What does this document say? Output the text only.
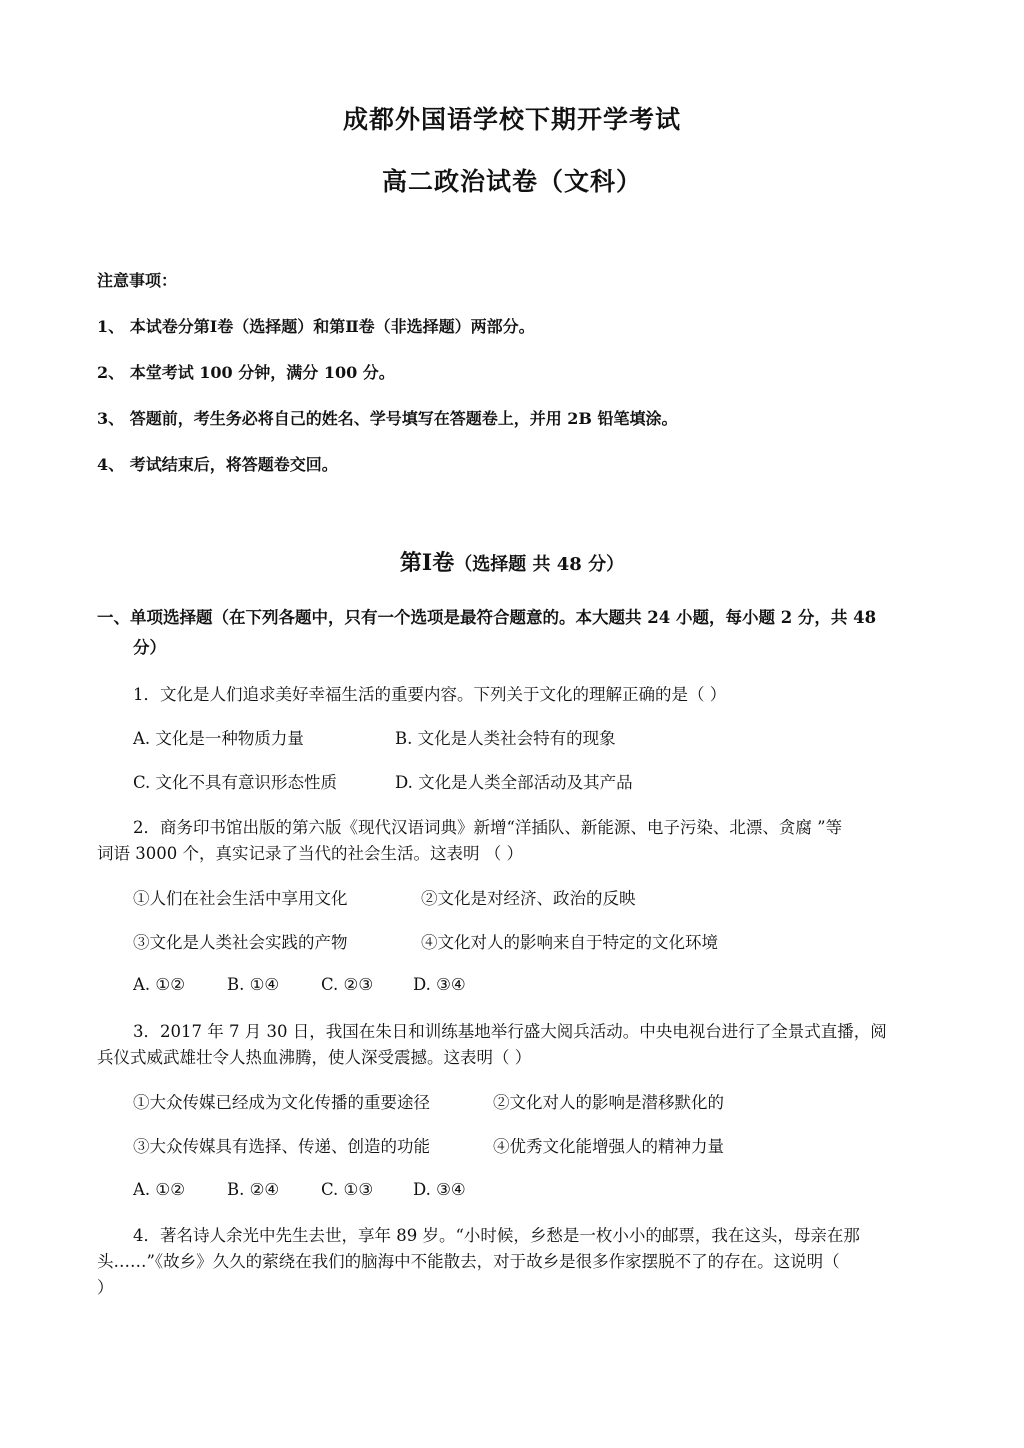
成都外国语学校下期开学考试
高二政治试卷（文科）
注意事项：
1、 本试卷分第Ⅰ卷（选择题）和第Ⅱ卷（非选择题）两部分。
2、 本堂考试 100 分钟，满分 100 分。
3、 答题前，考生务必将自己的姓名、学号填写在答题卷上，并用 2B 铅笔填涂。
4、 考试结束后，将答题卷交回。
第Ⅰ卷（选择题 共 48 分）
一、单项选择题（在下列各题中，只有一个选项是最符合题意的。本大题共 24 小题，每小题 2 分，共 48
分）
1．文化是人们追求美好幸福生活的重要内容。下列关于文化的理解正确的是（ ）
A. 文化是一种物质力量	B. 文化是人类社会特有的现象
C. 文化不具有意识形态性质	D. 文化是人类全部活动及其产品
2．商务印书馆出版的第六版《现代汉语词典》新增“洋插队、新能源、电子污染、北漂、贪腐 ”等
词语 3000 个，真实记录了当代的社会生活。这表明 （ ）
①人们在社会生活中享用文化	②文化是对经济、政治的反映
③文化是人类社会实践的产物	④文化对人的影响来自于特定的文化环境
A. ①②	B. ①④	C. ②③ D. ③④
3．2017 年 7 月 30 日，我国在朱日和训练基地举行盛大阅兵活动。中央电视台进行了全景式直播，阅
兵仪式威武雄壮令人热血沸腾，使人深受震撼。这表明（ ）
①大众传媒已经成为文化传播的重要途径	②文化对人的影响是潜移默化的
③大众传媒具有选择、传递、创造的功能	④优秀文化能增强人的精神力量
A. ①②	B. ②④	C. ①③ D. ③④
4．著名诗人余光中先生去世，享年 89 岁。“小时候，乡愁是一枚小小的邮票，我在这头，母亲在那
头……”《故乡》久久的萦绕在我们的脑海中不能散去，对于故乡是很多作家摆脱不了的存在。这说明（
）
